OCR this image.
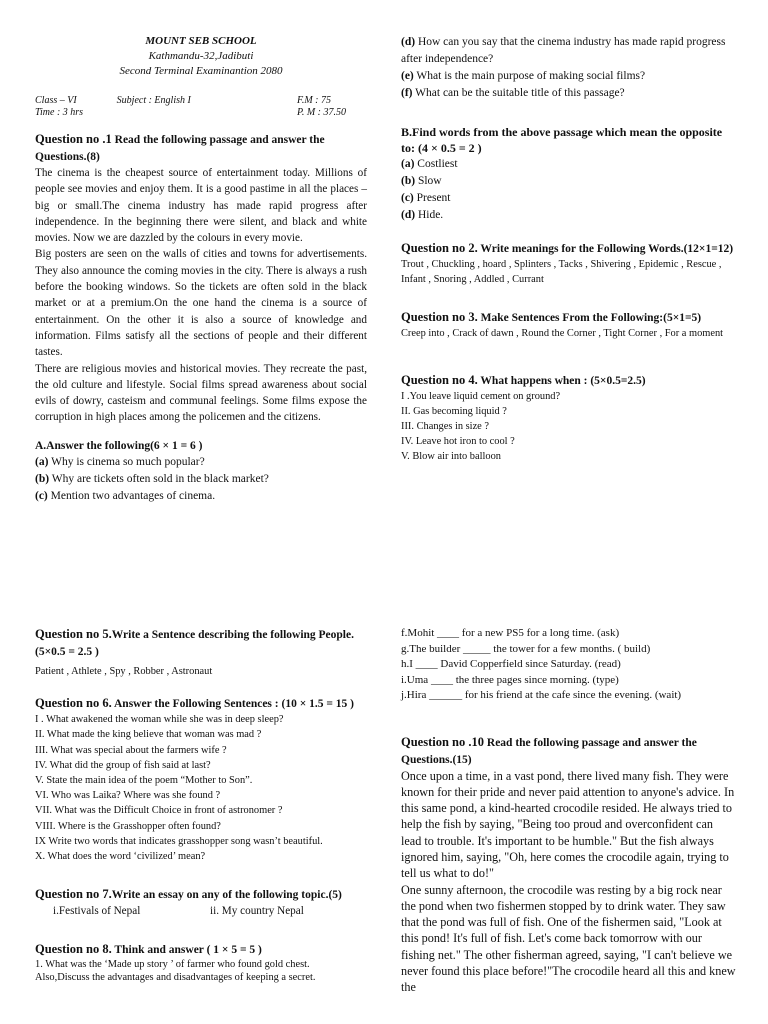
MOUNT SEB SCHOOL
Kathmandu-32,Jadibuti
Second Terminal Examinantion 2080
Class – VI	Subject : English I	F.M : 75
Time : 3 hrs	P. M : 37.50
Question no .1 Read the following passage and answer the Questions.(8)

The cinema is the cheapest source of entertainment today. Millions of people see movies and enjoy them. It is a good pastime in all the places – big or small.The cinema industry has made rapid progress after independence. In the beginning there were silent, and black and white movies. Now we are dazzled by the colours in every movie.

Big posters are seen on the walls of cities and towns for advertisements. They also announce the coming movies in the city. There is always a rush before the booking windows. So the tickets are often sold in the black market or at a premium.On the one hand the cinema is a source of entertainment. On the other it is also a source of knowledge and information. Films satisfy all the sections of people and their different tastes.

There are religious movies and historical movies. They recreate the past, the old culture and lifestyle. Social films spread awareness about social evils of dowry, casteism and communal feelings. Some films expose the corruption in high places among the policemen and the citizens.

A.Answer the following(6 × 1 = 6 )
(a) Why is cinema so much popular?
(b) Why are tickets often sold in the black market?
(c) Mention two advantages of cinema.
(d) How can you say that the cinema industry has made rapid progress after independence?
(e) What is the main purpose of making social films?
(f) What can be the suitable title of this passage?
B.Find words from the above passage which mean the opposite to: (4 × 0.5 = 2 )
(a) Costliest
(b) Slow
(c) Present
(d) Hide.
Question no 2. Write meanings for the Following Words.(12×1=12)
Trout , Chuckling , hoard , Splinters , Tacks , Shivering , Epidemic , Rescue , Infant , Snoring , Addled , Currant
Question no 3. Make Sentences From the Following:(5×1=5)
Creep into , Crack of dawn , Round the Corner , Tight Corner , For a moment
Question no 4. What happens when : (5×0.5=2.5)
I .You leave liquid cement on ground?
II. Gas becoming liquid ?
III. Changes in size ?
IV. Leave hot iron to cool ?
V. Blow air into balloon
Question no 5.Write a Sentence describing the following People. (5×0.5 = 2.5 )
Patient , Athlete , Spy , Robber , Astronaut
Question no 6. Answer the Following Sentences : (10 × 1.5 = 15 )
I . What awakened the woman while she was in deep sleep?
II. What made the king believe that woman was mad ?
III. What was special about the farmers wife ?
IV. What did the group of fish said at last?
V. State the main idea of the poem “Mother to Son”.
VI. Who was Laika? Where was she found ?
VII. What was the Difficult Choice in front of astronomer ?
VIII. Where is the Grasshopper often found?
IX Write two words that indicates grasshopper song wasn’t beautiful.
X. What does the word ‘civilized’ mean?
Question no 7.Write an essay on any of the following topic.(5)
i.Festivals of Nepal	ii. My country Nepal
Question no 8. Think and answer ( 1 × 5 = 5 )
1. What was the ‘Made up story ’ of farmer who found gold chest.
Also,Discuss the advantages and disadvantages of keeping a secret.
f.Mohit ____ for a new PS5 for a long time. (ask)
g.The builder _____ the tower for a few months. ( build)
h.I ____ David Copperfield since Saturday. (read)
i.Uma ____ the three pages since morning. (type)
j.Hira ______ for his friend at the cafe since the evening. (wait)
Question no .10 Read the following passage and answer the Questions.(15)

Once upon a time, in a vast pond, there lived many fish. They were known for their pride and never paid attention to anyone's advice. In this same pond, a kind-hearted crocodile resided. He always tried to help the fish by saying, "Being too proud and overconfident can lead to trouble. It's important to be humble." But the fish always ignored him, saying, "Oh, here comes the crocodile again, trying to tell us what to do!"

One sunny afternoon, the crocodile was resting by a big rock near the pond when two fishermen stopped by to drink water. They saw that the pond was full of fish. One of the fishermen said, "Look at this pond! It's full of fish. Let's come back tomorrow with our fishing net." The other fisherman agreed, saying, "I can't believe we never found this place before!"The crocodile heard all this and knew the
